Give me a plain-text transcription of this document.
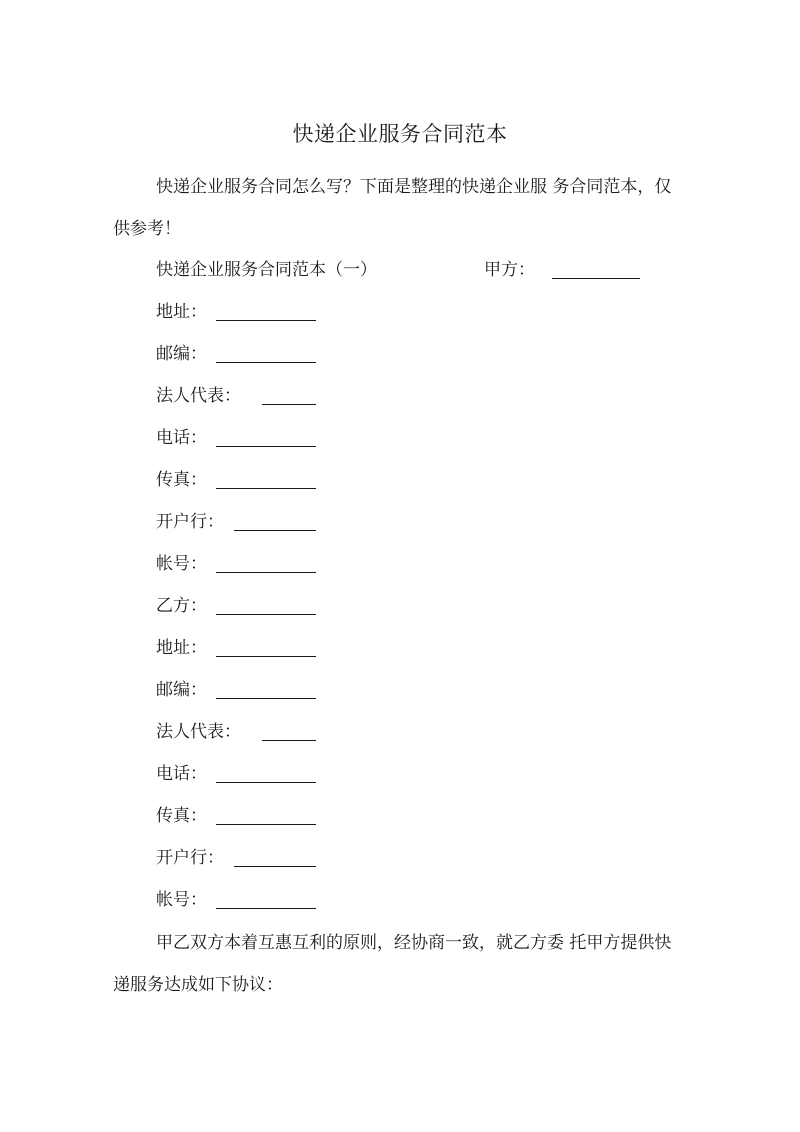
快递企业服务合同范本
快递企业服务合同怎么写？下面是整理的快递企业服 务合同范本，仅供参考！
快递企业服务合同范本（一）	甲方：
地址：
邮编：
法人代表：
电话：
传真：
开户行：
帐号：
乙方：
地址：
邮编：
法人代表：
电话：
传真：
开户行：
帐号：
甲乙双方本着互惠互利的原则，经协商一致，就乙方委 托甲方提供快递服务达成如下协议：
